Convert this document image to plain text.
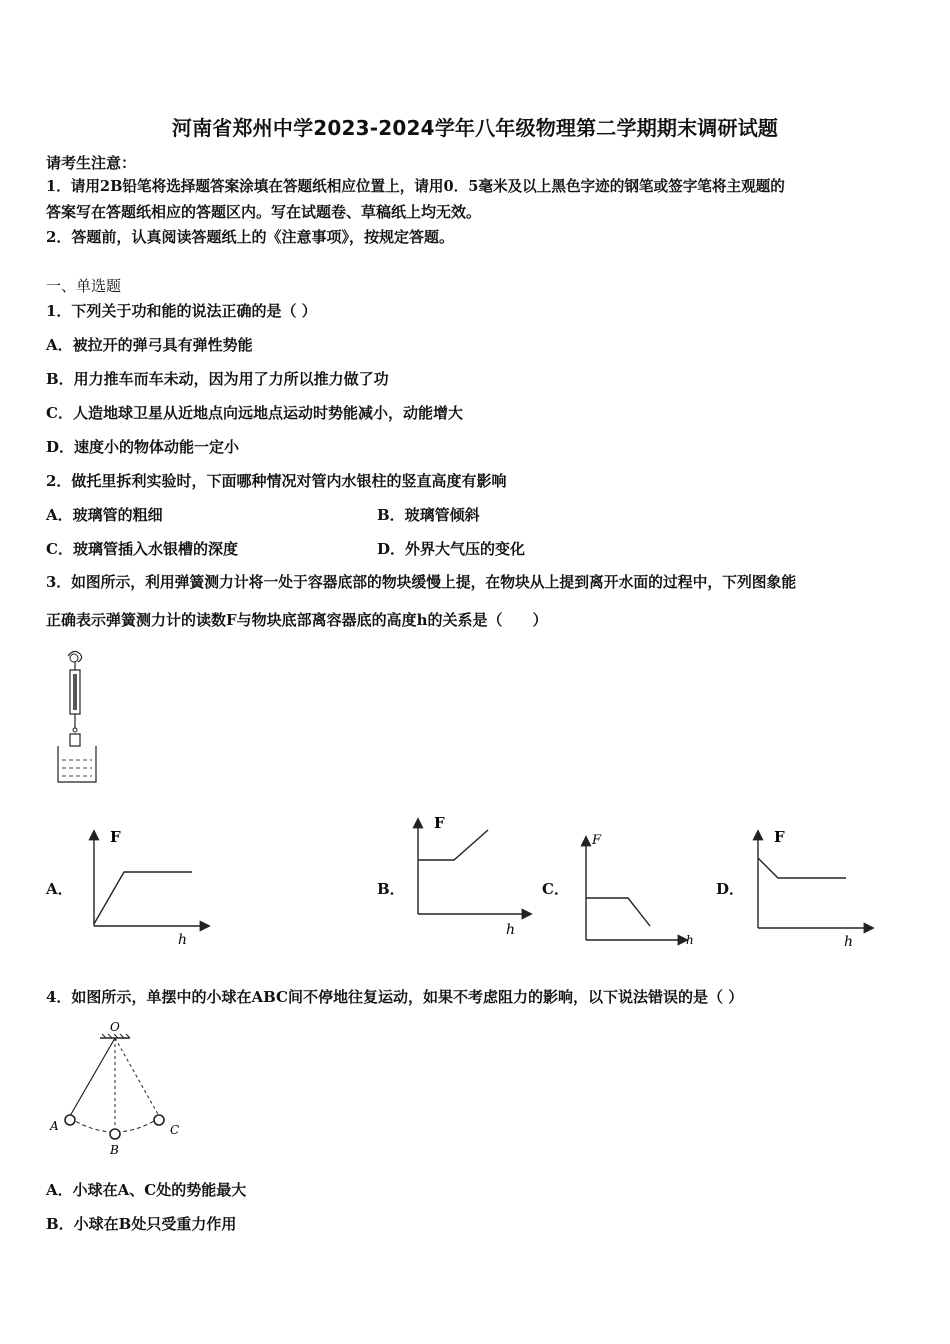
河南省郑州中学2023-2024学年八年级物理第二学期期末调研试题
请考生注意：
1．请用2B铅笔将选择题答案涂填在答题纸相应位置上，请用0．5毫米及以上黑色字迹的钢笔或签字笔将主观题的
答案写在答题纸相应的答题区内。写在试题卷、草稿纸上均无效。
2．答题前，认真阅读答题纸上的《注意事项》，按规定答题。
一、单选题
1．下列关于功和能的说法正确的是（ ）
A．被拉开的弹弓具有弹性势能
B．用力推车而车未动，因为用了力所以推力做了功
C．人造地球卫星从近地点向远地点运动时势能减小，动能增大
D．速度小的物体动能一定小
2．做托里拆利实验时，下面哪种情况对管内水银柱的竖直高度有影响
A．玻璃管的粗细	B．玻璃管倾斜
C．玻璃管插入水银槽的深度	D．外界大气压的变化
3．如图所示，利用弹簧测力计将一处于容器底部的物块缓慢上提，在物块从上提到离开水面的过程中，下列图象能
正确表示弹簧测力计的读数F与物块底部离容器底的高度h的关系是（　　）
A．	B．	C．	D．
F
h
F
h
F
h
F
h
4．如图所示，单摆中的小球在ABC间不停地往复运动，如果不考虑阻力的影响，以下说法错误的是（ ）
O
A
B
C
A．小球在A、C处的势能最大
B．小球在B处只受重力作用
